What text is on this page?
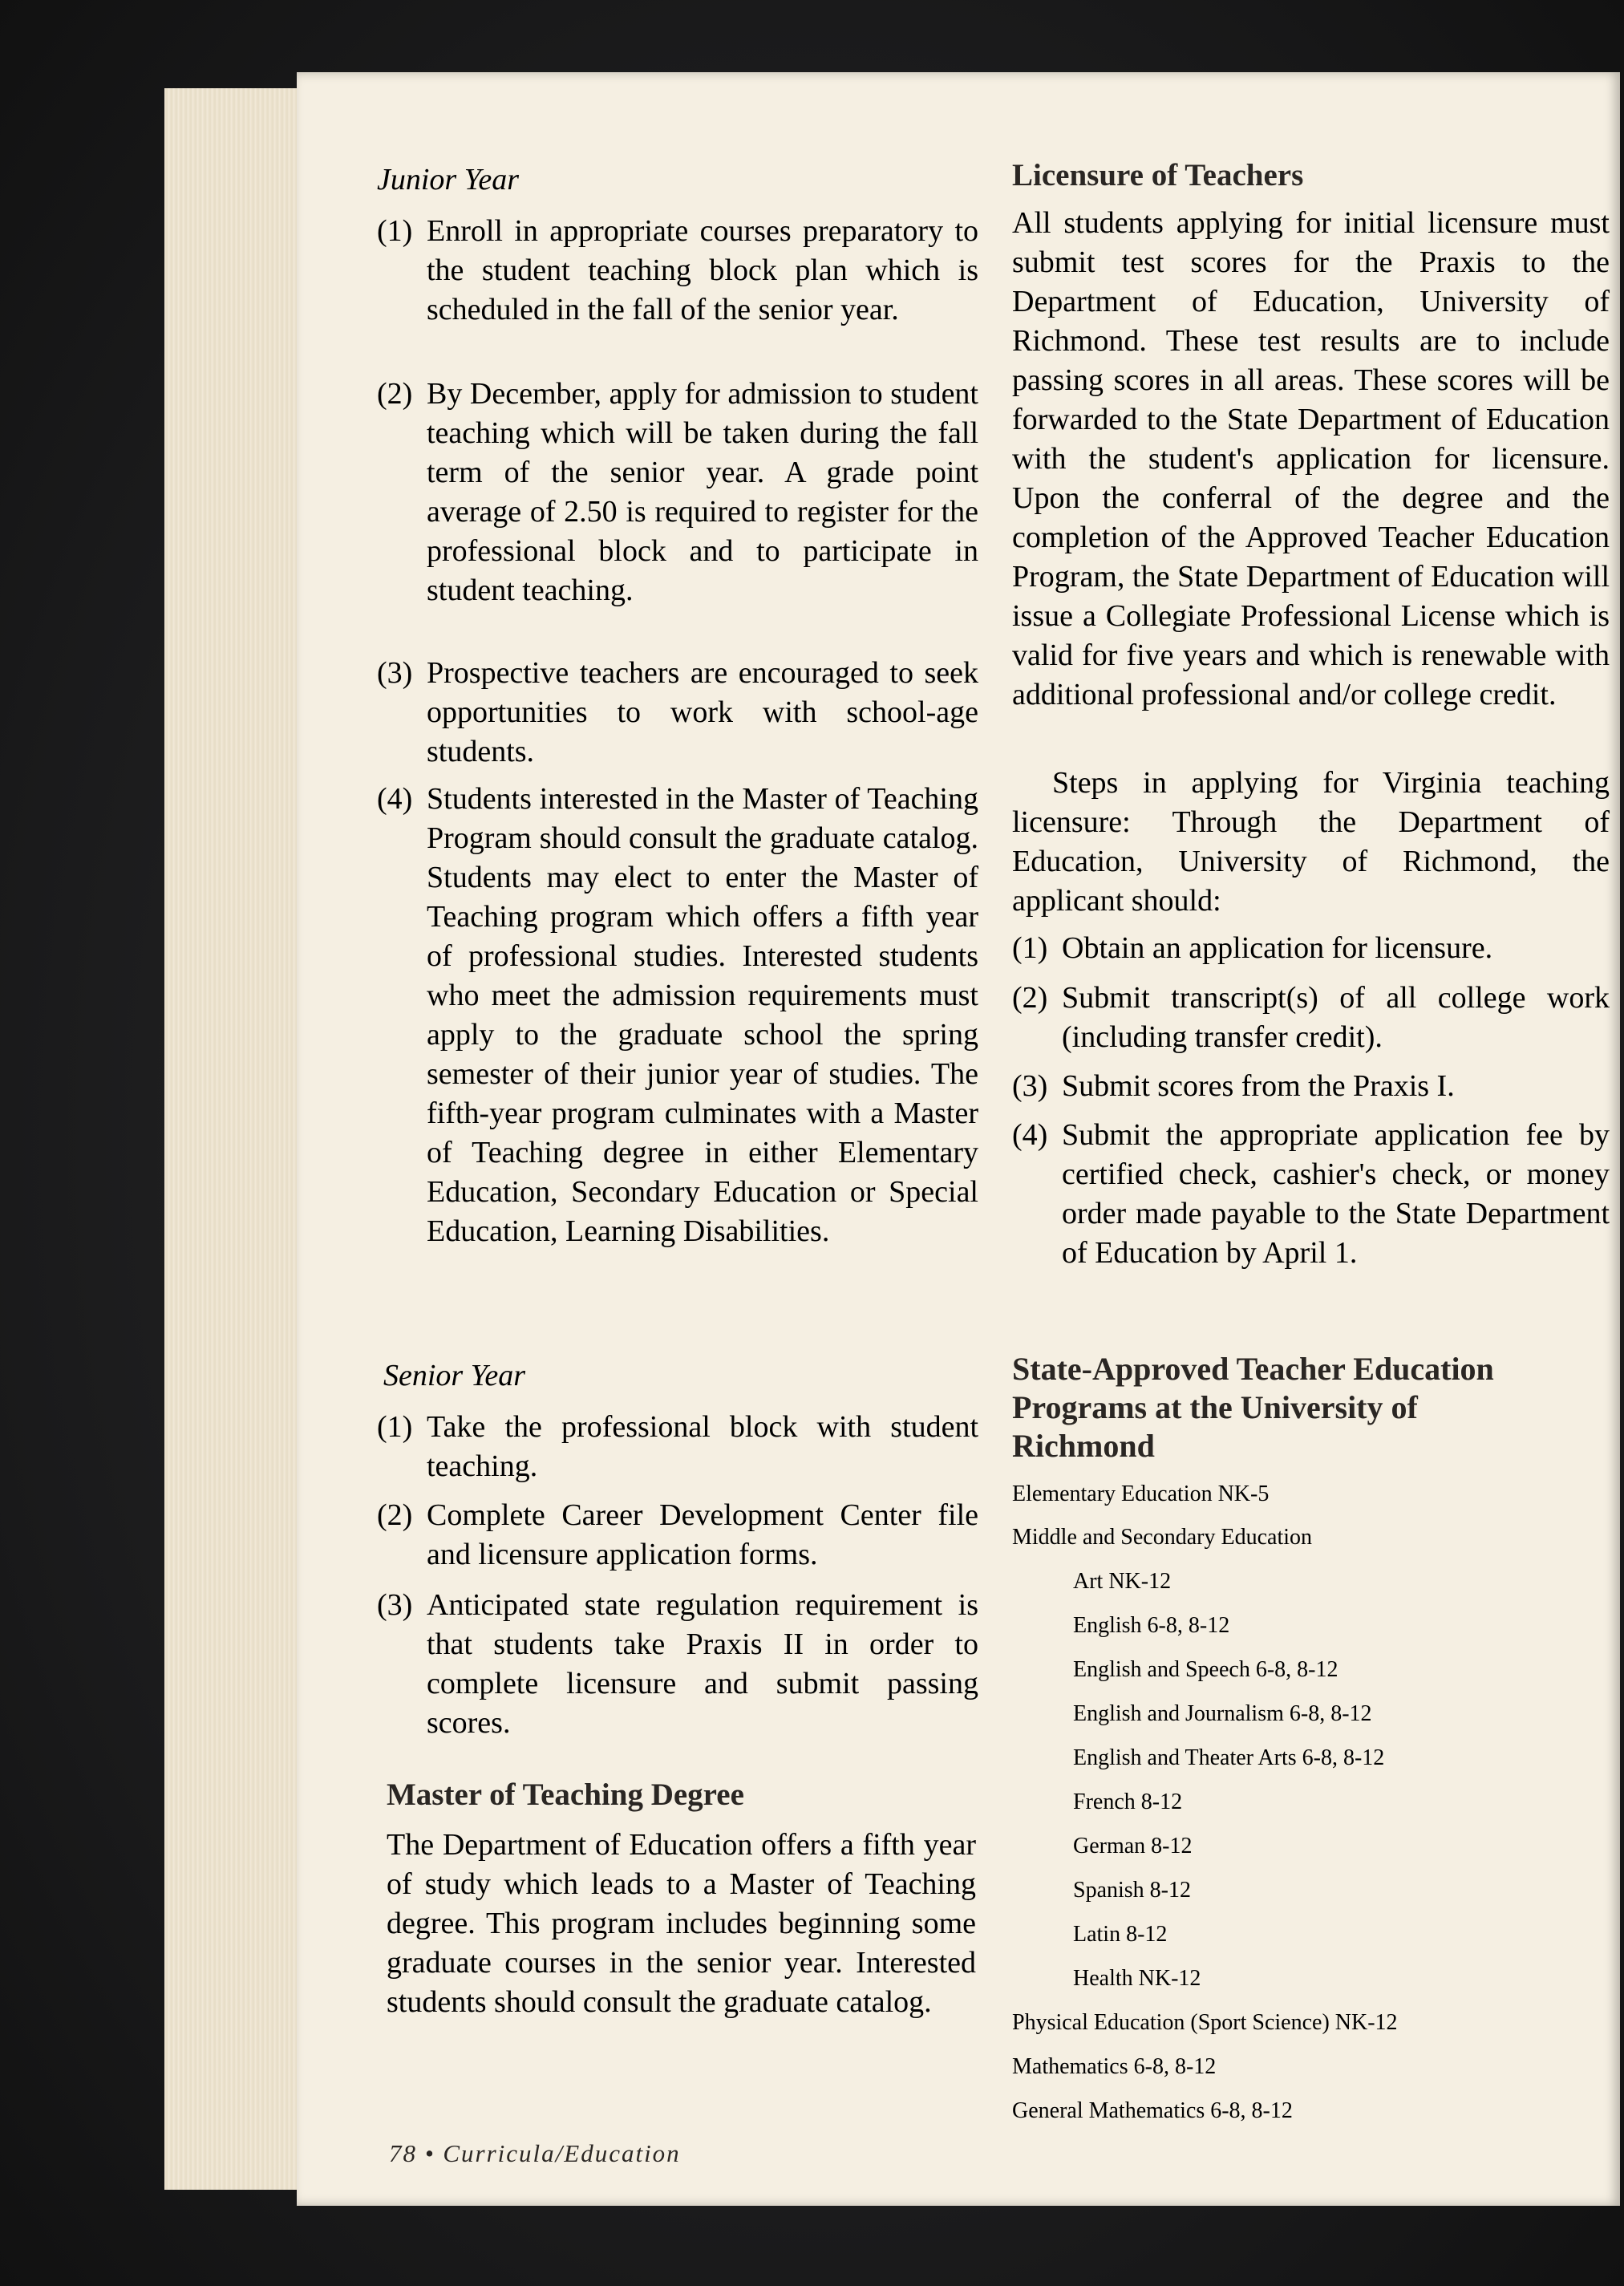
Junior Year
(1) Enroll in appropriate courses preparatory to the student teaching block plan which is scheduled in the fall of the senior year.
(2) By December, apply for admission to student teaching which will be taken during the fall term of the senior year. A grade point average of 2.50 is required to register for the professional block and to participate in student teaching.
(3) Prospective teachers are encouraged to seek opportunities to work with school-age students.
(4) Students interested in the Master of Teaching Program should consult the graduate catalog. Students may elect to enter the Master of Teaching program which offers a fifth year of professional studies. Interested students who meet the admission requirements must apply to the graduate school the spring semester of their junior year of studies. The fifth-year program culminates with a Master of Teaching degree in either Elementary Education, Secondary Education or Special Education, Learning Disabilities.
Senior Year
(1) Take the professional block with student teaching.
(2) Complete Career Development Center file and licensure application forms.
(3) Anticipated state regulation requirement is that students take Praxis II in order to complete licensure and submit passing scores.
Master of Teaching Degree
The Department of Education offers a fifth year of study which leads to a Master of Teaching degree. This program includes beginning some graduate courses in the senior year. Interested students should consult the graduate catalog.
78 • Curricula/Education
Licensure of Teachers
All students applying for initial licensure must submit test scores for the Praxis to the Department of Education, University of Richmond. These test results are to include passing scores in all areas. These scores will be forwarded to the State Department of Education with the student's application for licensure. Upon the conferral of the degree and the completion of the Approved Teacher Education Program, the State Department of Education will issue a Collegiate Professional License which is valid for five years and which is renewable with additional professional and/or college credit.
Steps in applying for Virginia teaching licensure: Through the Department of Education, University of Richmond, the applicant should:
(1) Obtain an application for licensure.
(2) Submit transcript(s) of all college work (including transfer credit).
(3) Submit scores from the Praxis I.
(4) Submit the appropriate application fee by certified check, cashier's check, or money order made payable to the State Department of Education by April 1.
State-Approved Teacher Education
Programs at the University of
Richmond
Elementary Education NK-5
Middle and Secondary Education
Art NK-12
English 6-8, 8-12
English and Speech 6-8, 8-12
English and Journalism 6-8, 8-12
English and Theater Arts 6-8, 8-12
French 8-12
German 8-12
Spanish 8-12
Latin 8-12
Health NK-12
Physical Education (Sport Science) NK-12
Mathematics 6-8, 8-12
General Mathematics 6-8, 8-12
